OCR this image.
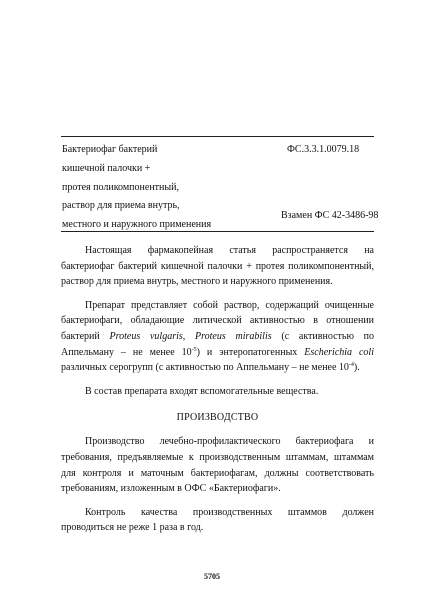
Бактериофаг бактерий
кишечной палочки +
протея поликомпонентный,
раствор для приема внутрь,
местного и наружного применения
ФС.3.3.1.0079.18
Взамен ФС 42-3486-98

Настоящая фармакопейная статья распространяется на бактериофаг бактерий кишечной палочки + протея поликомпонентный, раствор для приема внутрь, местного и наружного применения.

Препарат представляет собой раствор, содержащий очищенные бактериофаги, обладающие литической активностью в отношении бактерий Proteus vulgaris, Proteus mirabilis (с активностью по Аппельману – не менее $10^{-5}$) и энтеропатогенных Escherichia coli различных серогрупп (с активностью по Аппельману – не менее $10^{-4}$).

В состав препарата входят вспомогательные вещества.

ПРОИЗВОДСТВО

Производство лечебно-профилактического бактериофага и требования, предъявляемые к производственным штаммам, штаммам для контроля и маточным бактериофагам, должны соответствовать требованиям, изложенным в ОФС «Бактериофаги».

Контроль качества производственных штаммов должен проводиться не реже 1 раза в год.

5705
